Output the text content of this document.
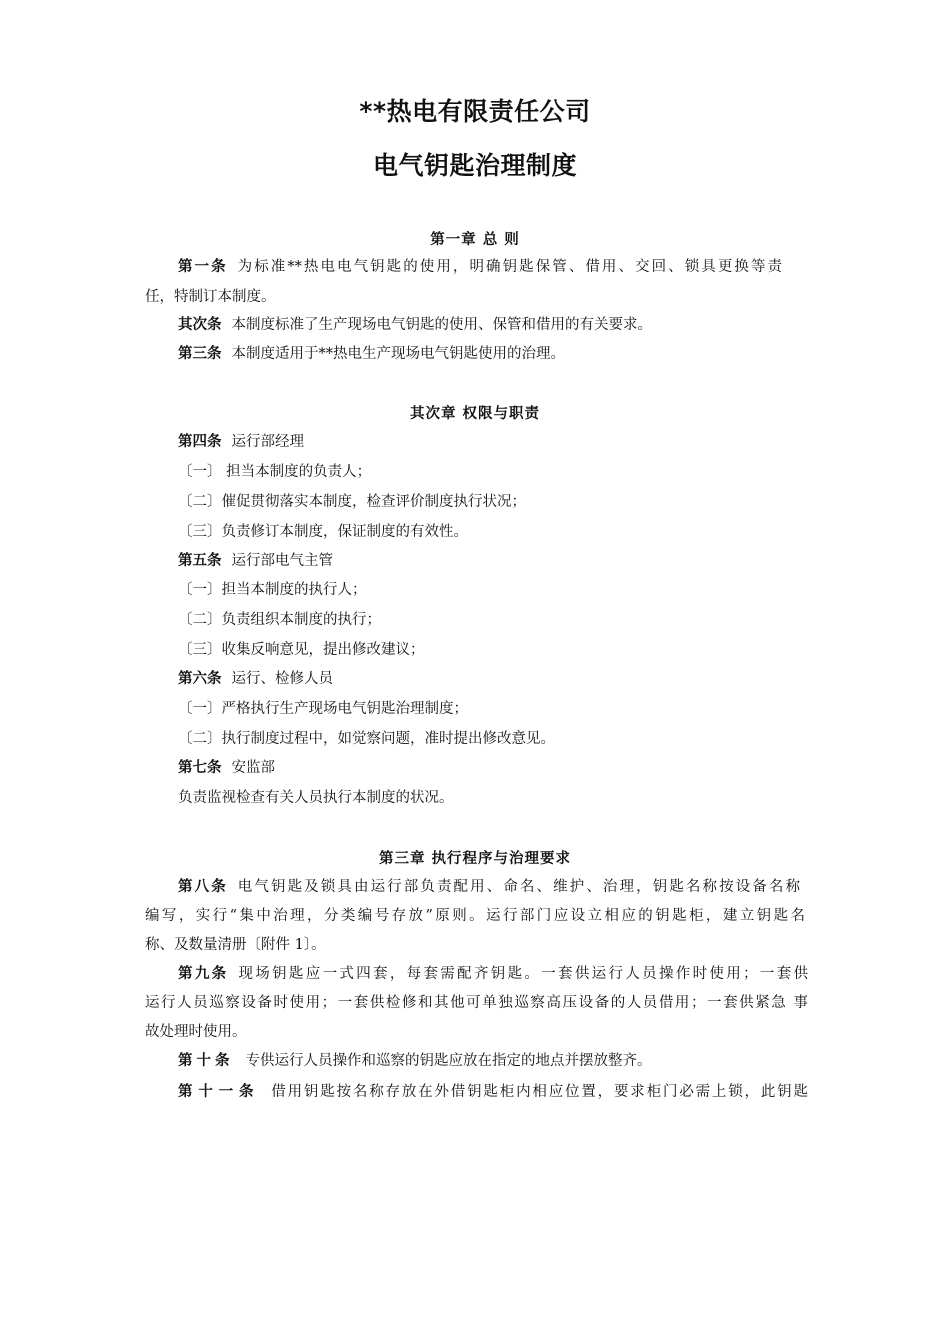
**热电有限责任公司
电气钥匙治理制度
第一章 总 则
第一条 为标准**热电电气钥匙的使用，明确钥匙保管、借用、交回、锁具更换等责
任，特制订本制度。
其次条 本制度标准了生产现场电气钥匙的使用、保管和借用的有关要求。
第三条 本制度适用于**热电生产现场电气钥匙使用的治理。
其次章 权限与职责
第四条 运行部经理
〔一〕 担当本制度的负责人；
〔二〕催促贯彻落实本制度，检查评价制度执行状况；
〔三〕负责修订本制度，保证制度的有效性。
第五条 运行部电气主管
〔一〕担当本制度的执行人；
〔二〕负责组织本制度的执行；
〔三〕收集反响意见，提出修改建议；
第六条 运行、检修人员
〔一〕严格执行生产现场电气钥匙治理制度；
〔二〕执行制度过程中，如觉察问题，准时提出修改意见。
第七条 安监部
负责监视检查有关人员执行本制度的状况。
第三章 执行程序与治理要求
第八条 电气钥匙及锁具由运行部负责配用、命名、维护、治理，钥匙名称按设备名称
编写，实行“集中治理，分类编号存放”原则。运行部门应设立相应的钥匙柜，建立钥匙名
称、及数量清册〔附件 1〕。
第九条 现场钥匙应一式四套，每套需配齐钥匙。一套供运行人员操作时使用；一套供
运行人员巡察设备时使用；一套供检修和其他可单独巡察高压设备的人员借用；一套供紧急 事
故处理时使用。
第十条 专供运行人员操作和巡察的钥匙应放在指定的地点并摆放整齐。
第十一条 借用钥匙按名称存放在外借钥匙柜内相应位置，要求柜门必需上锁，此钥匙
